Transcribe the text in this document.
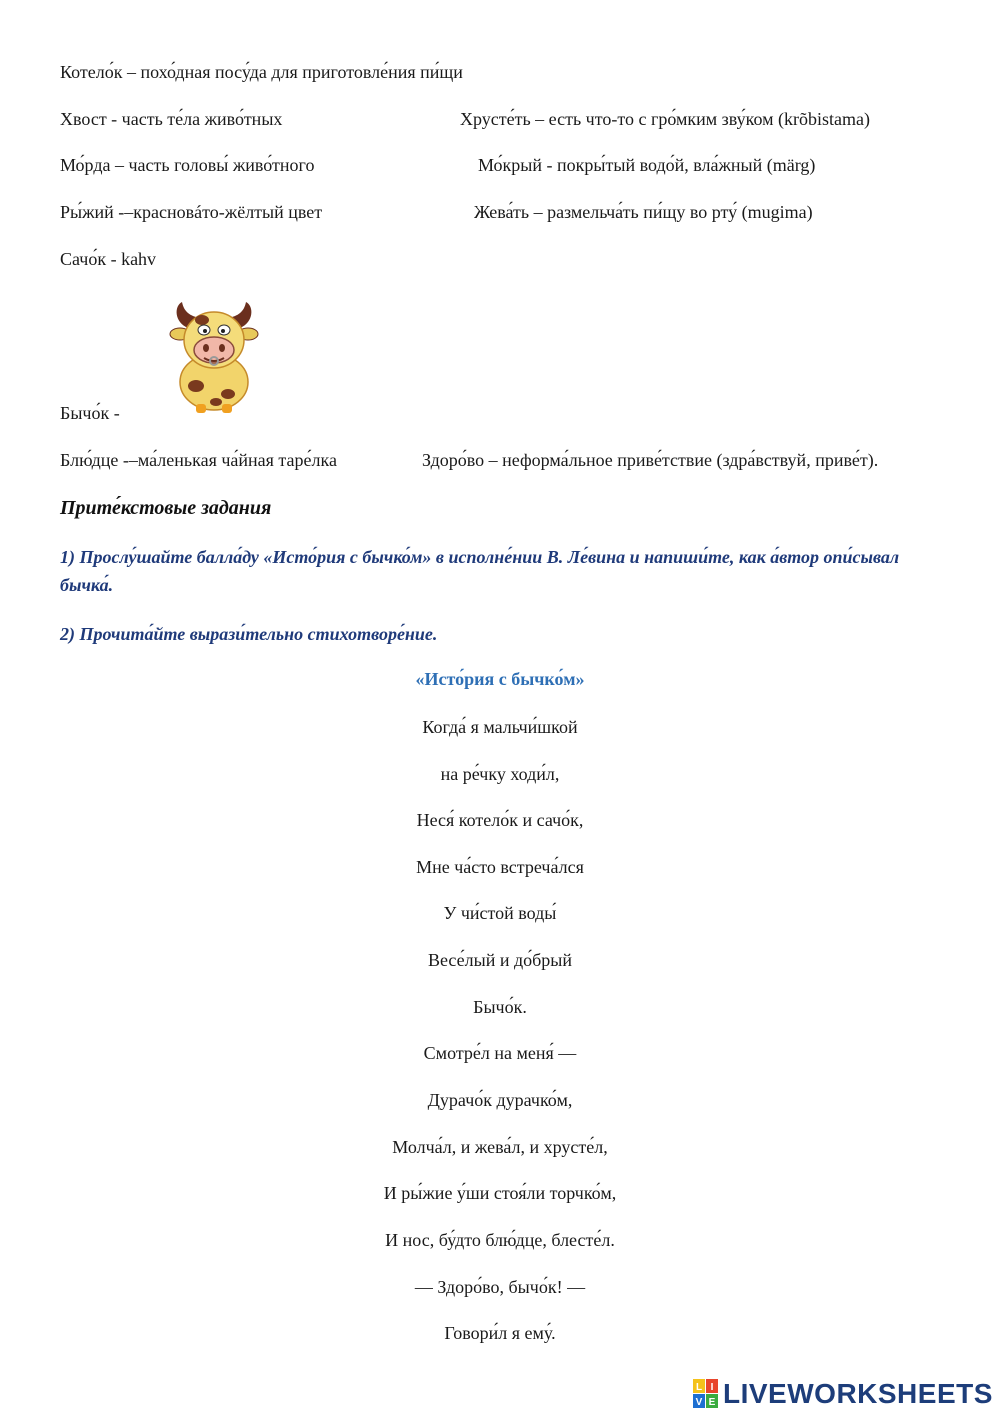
Котело́к – похо́дная посу́да для приготовле́ния пи́щи
Хвост - часть те́ла живо́тных
Мо́рда – часть головы́ живо́тного
Ры́жий -–красновáто-жёлтый цвет
Сачо́к - kahv
Хрусте́ть – есть что-то с гро́мким зву́ком (krõbistama)
Мо́крый - покры́тый водо́й, вла́жный (märg)
Жева́ть – размельча́ть пи́щу во рту́ (mugima)
Бычо́к -
Блю́дце -–ма́ленькая ча́йная таре́лка	Здоро́во – неформа́льное приве́тствие (здра́вствуй, приве́т).
Прите́кстовые задания
1) Прослу́шайте балла́ду «Исто́рия с бычко́м» в исполне́нии В. Ле́вина и напиши́те, как а́втор опи́сывал бычка́.
2) Прочита́йте вырази́тельно стихотворе́ние.
«Исто́рия с бычко́м»
Когда́ я мальчи́шкой
на ре́чку ходи́л,
Неся́ котело́к и сачо́к,
Мне ча́сто встреча́лся
У чи́стой воды́
Весе́лый и до́брый
Бычо́к.
Смотре́л на меня́ —
Дурачо́к дурачко́м,
Молча́л, и жева́л, и хрусте́л,
И ры́жие у́ши стоя́ли торчко́м,
И нос, бу́дто блю́дце, блесте́л.
— Здоро́во, бычо́к! —
Говори́л я ему́.
L I
V E LIVEWORKSHEETS
